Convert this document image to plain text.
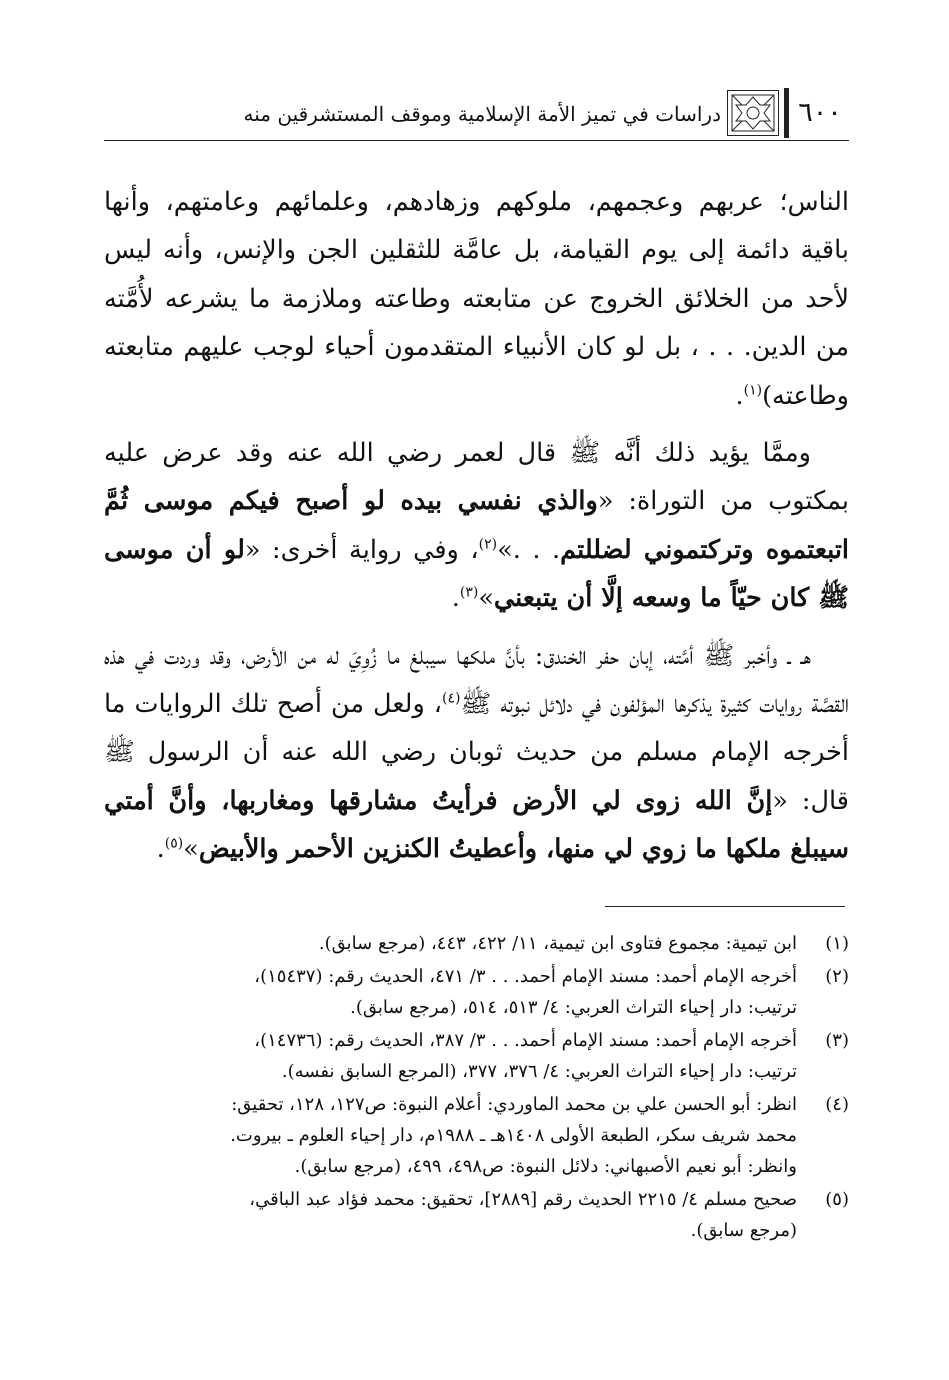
٦٠٠
دراسات في تميز الأمة الإسلامية وموقف المستشرقين منه

الناس؛ عربهم وعجمهم، ملوكهم وزهادهم، وعلمائهم وعامتهم، وأنها باقية دائمة إلى يوم القيامة، بل عامَّة للثقلين الجن والإنس، وأنه ليس لأحد من الخلائق الخروج عن متابعته وطاعته وملازمة ما يشرعه لأُمَّته من الدين. . . ، بل لو كان الأنبياء المتقدمون أحياء لوجب عليهم متابعته وطاعته)$^{(١)}$.

وممَّا يؤيد ذلك أنَّه ﷺ قال لعمر رضي الله عنه وقد عرض عليه بمكتوب من التوراة: «والذي نفسي بيده لو أصبح فيكم موسى ثُمَّ اتبعتموه وتركتموني لضللتم. . .»$^{(٢)}$، وفي رواية أخرى: «لو أن موسى ﷺ كان حيّاً ما وسعه إلَّا أن يتبعني»$^{(٣)}$.

هـ ـ وأخبر ﷺ أمَّته، إبان حفر الخندق: بأنَّ ملكها سيبلغ ما زُوِيَ له من الأرض، وقد وردت في هذه القصَّة روايات كثيرة يذكرها المؤلفون في دلائل نبوته ﷺ$^{(٤)}$، ولعل من أصح تلك الروايات ما أخرجه الإمام مسلم من حديث ثوبان رضي الله عنه أن الرسول ﷺ قال: «إنَّ الله زوى لي الأرض فرأيتُ مشارقها ومغاربها، وأنَّ أمتي سيبلغ ملكها ما زوي لي منها، وأعطيتُ الكنزين الأحمر والأبيض»$^{(٥)}$.

(١)
ابن تيمية: مجموع فتاوى ابن تيمية، ١١/ ٤٢٢، ٤٤٣، (مرجع سابق).
(٢)
أخرجه الإمام أحمد: مسند الإمام أحمد. . . ٣/ ٤٧١، الحديث رقم: (١٥٤٣٧)،
ترتيب: دار إحياء التراث العربي: ٤/ ٥١٣، ٥١٤، (مرجع سابق).
(٣)
أخرجه الإمام أحمد: مسند الإمام أحمد. . . ٣/ ٣٨٧، الحديث رقم: (١٤٧٣٦)،
ترتيب: دار إحياء التراث العربي: ٤/ ٣٧٦، ٣٧٧، (المرجع السابق نفسه).
(٤)
انظر: أبو الحسن علي بن محمد الماوردي: أعلام النبوة: ص١٢٧، ١٢٨، تحقيق:
محمد شريف سكر، الطبعة الأولى ١٤٠٨هـ ـ ١٩٨٨م، دار إحياء العلوم ـ بيروت.
وانظر: أبو نعيم الأصبهاني: دلائل النبوة: ص٤٩٨، ٤٩٩، (مرجع سابق).
(٥)
صحيح مسلم ٤/ ٢٢١٥ الحديث رقم [٢٨٨٩]، تحقيق: محمد فؤاد عبد الباقي،
(مرجع سابق).
